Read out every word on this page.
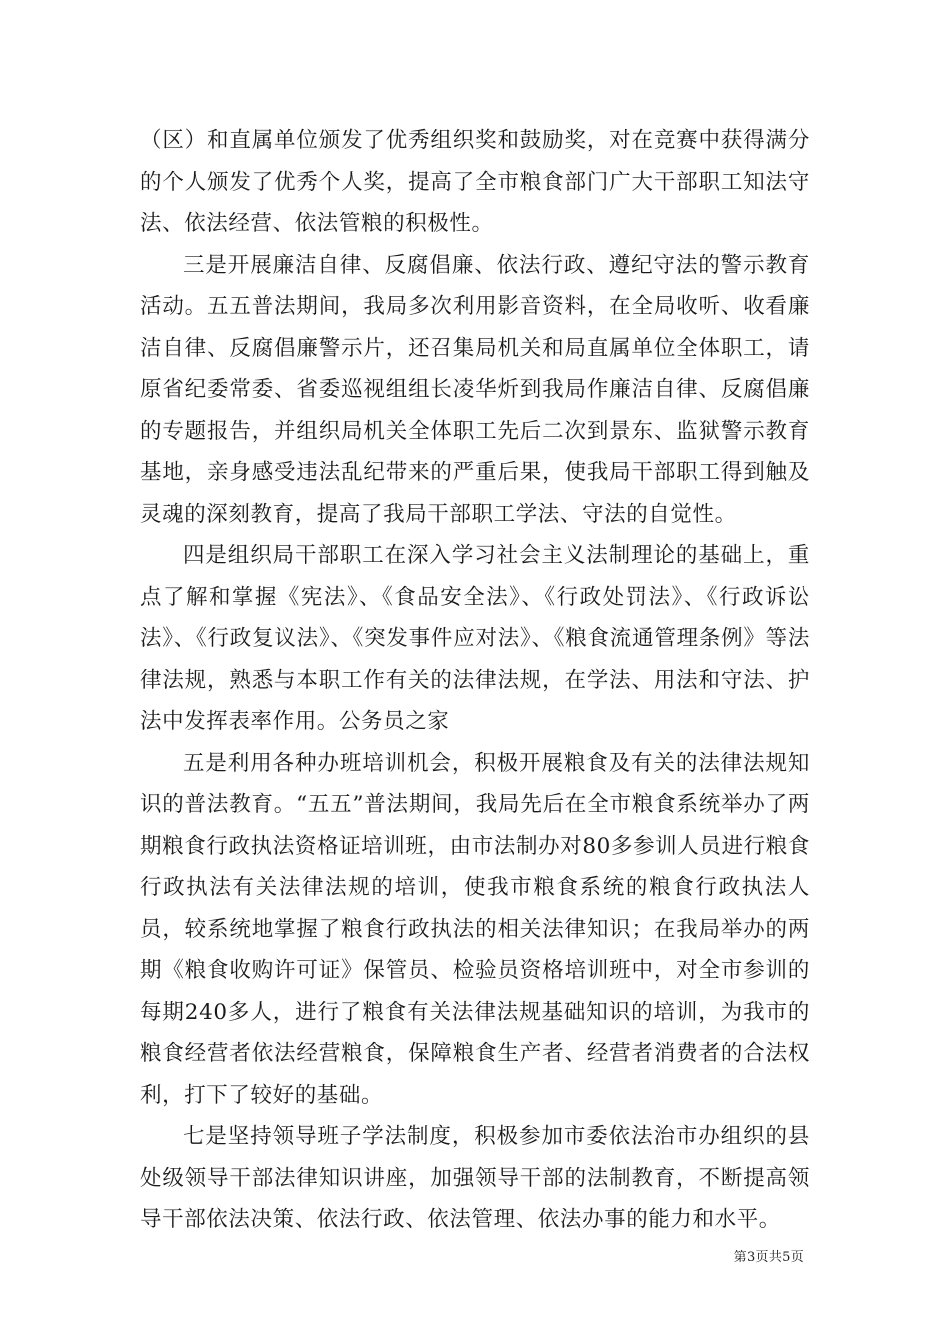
（区）和直属单位颁发了优秀组织奖和鼓励奖，对在竞赛中获得满分的个人颁发了优秀个人奖，提高了全市粮食部门广大干部职工知法守法、依法经营、依法管粮的积极性。

三是开展廉洁自律、反腐倡廉、依法行政、遵纪守法的警示教育活动。五五普法期间，我局多次利用影音资料，在全局收听、收看廉洁自律、反腐倡廉警示片，还召集局机关和局直属单位全体职工，请原省纪委常委、省委巡视组组长凌华炘到我局作廉洁自律、反腐倡廉的专题报告，并组织局机关全体职工先后二次到景东、监狱警示教育基地，亲身感受违法乱纪带来的严重后果，使我局干部职工得到触及灵魂的深刻教育，提高了我局干部职工学法、守法的自觉性。

四是组织局干部职工在深入学习社会主义法制理论的基础上，重点了解和掌握《宪法》、《食品安全法》、《行政处罚法》、《行政诉讼法》、《行政复议法》、《突发事件应对法》、《粮食流通管理条例》等法律法规，熟悉与本职工作有关的法律法规，在学法、用法和守法、护法中发挥表率作用。公务员之家

五是利用各种办班培训机会，积极开展粮食及有关的法律法规知识的普法教育。“五五”普法期间，我局先后在全市粮食系统举办了两期粮食行政执法资格证培训班，由市法制办对80多参训人员进行粮食行政执法有关法律法规的培训，使我市粮食系统的粮食行政执法人员，较系统地掌握了粮食行政执法的相关法律知识；在我局举办的两期《粮食收购许可证》保管员、检验员资格培训班中，对全市参训的每期240多人，进行了粮食有关法律法规基础知识的培训，为我市的粮食经营者依法经营粮食，保障粮食生产者、经营者消费者的合法权利，打下了较好的基础。

七是坚持领导班子学法制度，积极参加市委依法治市办组织的县处级领导干部法律知识讲座，加强领导干部的法制教育，不断提高领导干部依法决策、依法行政、依法管理、依法办事的能力和水平。

第3页共5页
